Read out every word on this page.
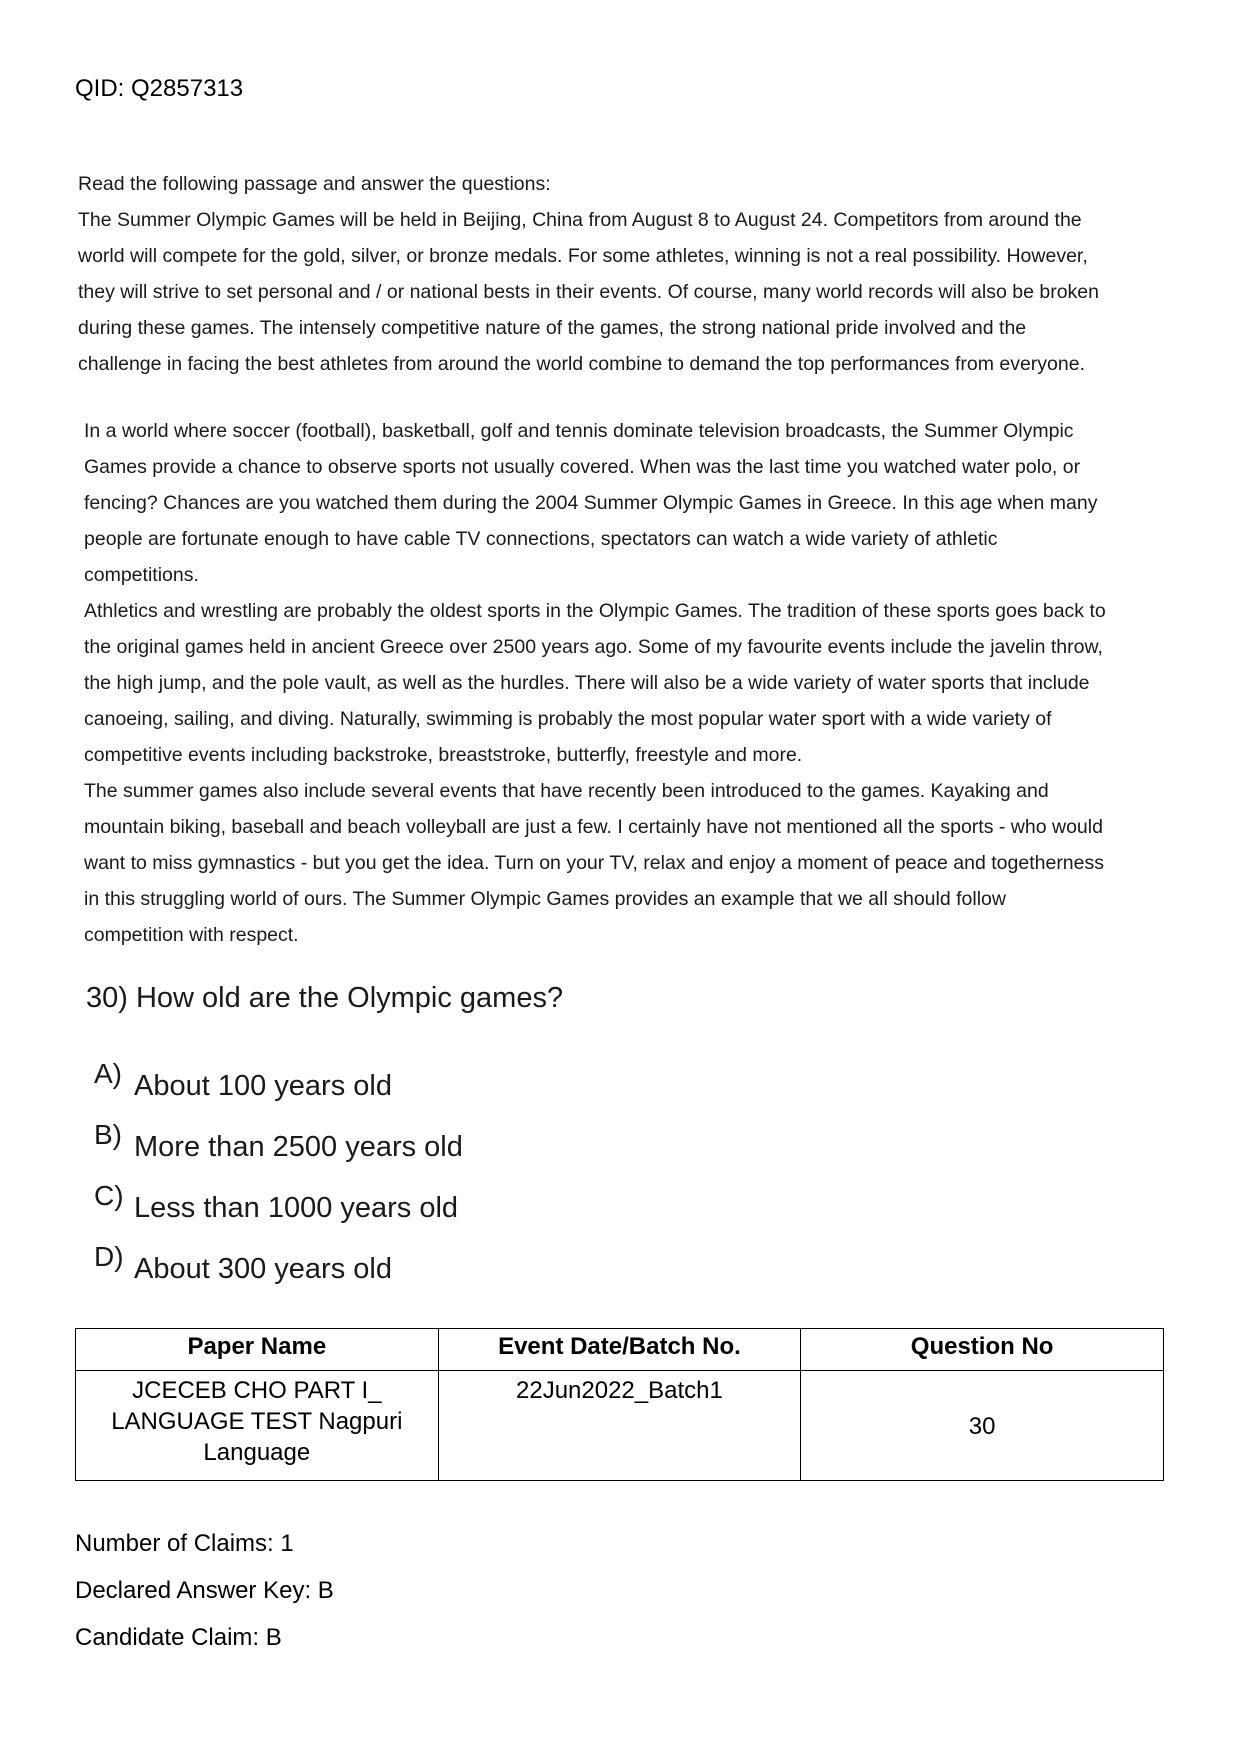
QID: Q2857313

Read the following passage and answer the questions:

The Summer Olympic Games will be held in Beijing, China from August 8 to August 24. Competitors from around the

world will compete for the gold, silver, or bronze medals. For some athletes, winning is not a real possibility. However,

they will strive to set personal and / or national bests in their events. Of course, many world records will also be broken

during these games. The intensely competitive nature of the games, the strong national pride involved and the

challenge in facing the best athletes from around the world combine to demand the top performances from everyone.

In a world where soccer (football), basketball, golf and tennis dominate television broadcasts, the Summer Olympic

Games provide a chance to observe sports not usually covered. When was the last time you watched water polo, or

fencing? Chances are you watched them during the 2004 Summer Olympic Games in Greece. In this age when many

people are fortunate enough to have cable TV connections, spectators can watch a wide variety of athletic

competitions.

Athletics and wrestling are probably the oldest sports in the Olympic Games. The tradition of these sports goes back to

the original games held in ancient Greece over 2500 years ago. Some of my favourite events include the javelin throw,

the high jump, and the pole vault, as well as the hurdles. There will also be a wide variety of water sports that include

canoeing, sailing, and diving. Naturally, swimming is probably the most popular water sport with a wide variety of

competitive events including backstroke, breaststroke, butterfly, freestyle and more.

The summer games also include several events that have recently been introduced to the games. Kayaking and

mountain biking, baseball and beach volleyball are just a few. I certainly have not mentioned all the sports - who would

want to miss gymnastics - but you get the idea. Turn on your TV, relax and enjoy a moment of peace and togetherness

in this struggling world of ours. The Summer Olympic Games provides an example that we all should follow

competition with respect.

30) How old are the Olympic games?
A) About 100 years old
B) More than 2500 years old
C) Less than 1000 years old
D) About 300 years old
Paper Name	Event Date/Batch No.	Question No

JCECEB CHO PART I_
LANGUAGE TEST Nagpuri
Language	22Jun2022_Batch1	30
Number of Claims: 1
Declared Answer Key: B
Candidate Claim: B
